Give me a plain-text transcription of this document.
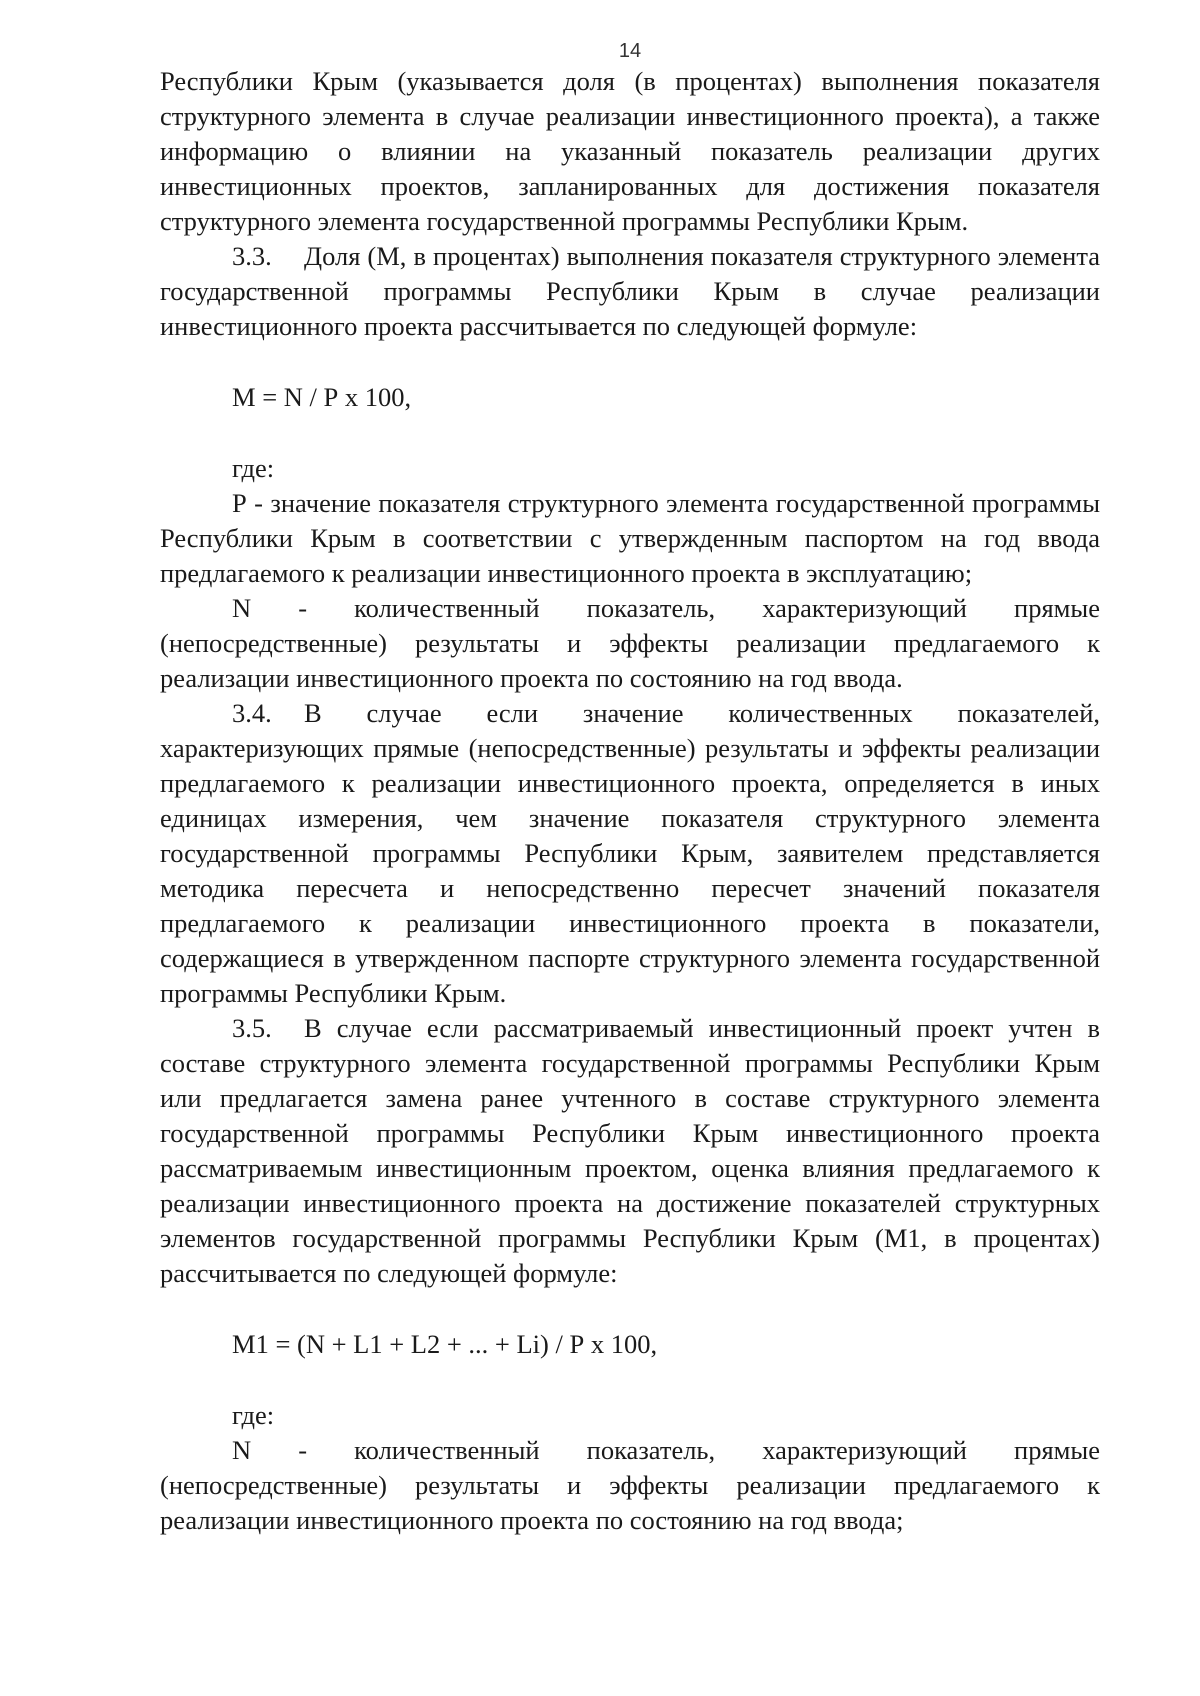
14

Республики Крым (указывается доля (в процентах) выполнения показателя структурного элемента в случае реализации инвестиционного проекта), а также информацию о влиянии на указанный показатель реализации других инвестиционных проектов, запланированных для достижения показателя структурного элемента государственной программы Республики Крым.

3.3. Доля (М, в процентах) выполнения показателя структурного элемента государственной программы Республики Крым в случае реализации инвестиционного проекта рассчитывается по следующей формуле:

М = N / Р х 100,

где:

Р - значение показателя структурного элемента государственной программы Республики Крым в соответствии с утвержденным паспортом на год ввода предлагаемого к реализации инвестиционного проекта в эксплуатацию;

N - количественный показатель, характеризующий прямые (непосредственные) результаты и эффекты реализации предлагаемого к реализации инвестиционного проекта по состоянию на год ввода.

3.4. В случае если значение количественных показателей, характеризующих прямые (непосредственные) результаты и эффекты реализации предлагаемого к реализации инвестиционного проекта, определяется в иных единицах измерения, чем значение показателя структурного элемента государственной программы Республики Крым, заявителем представляется методика пересчета и непосредственно пересчет значений показателя предлагаемого к реализации инвестиционного проекта в показатели, содержащиеся в утвержденном паспорте структурного элемента государственной программы Республики Крым.

3.5. В случае если рассматриваемый инвестиционный проект учтен в составе структурного элемента государственной программы Республики Крым или предлагается замена ранее учтенного в составе структурного элемента государственной программы Республики Крым инвестиционного проекта рассматриваемым инвестиционным проектом, оценка влияния предлагаемого к реализации инвестиционного проекта на достижение показателей структурных элементов государственной программы Республики Крым (М1, в процентах) рассчитывается по следующей формуле:

М1 = (N + L1 + L2 + ... + Li) / Р х 100,

где:

N - количественный показатель, характеризующий прямые (непосредственные) результаты и эффекты реализации предлагаемого к реализации инвестиционного проекта по состоянию на год ввода;
